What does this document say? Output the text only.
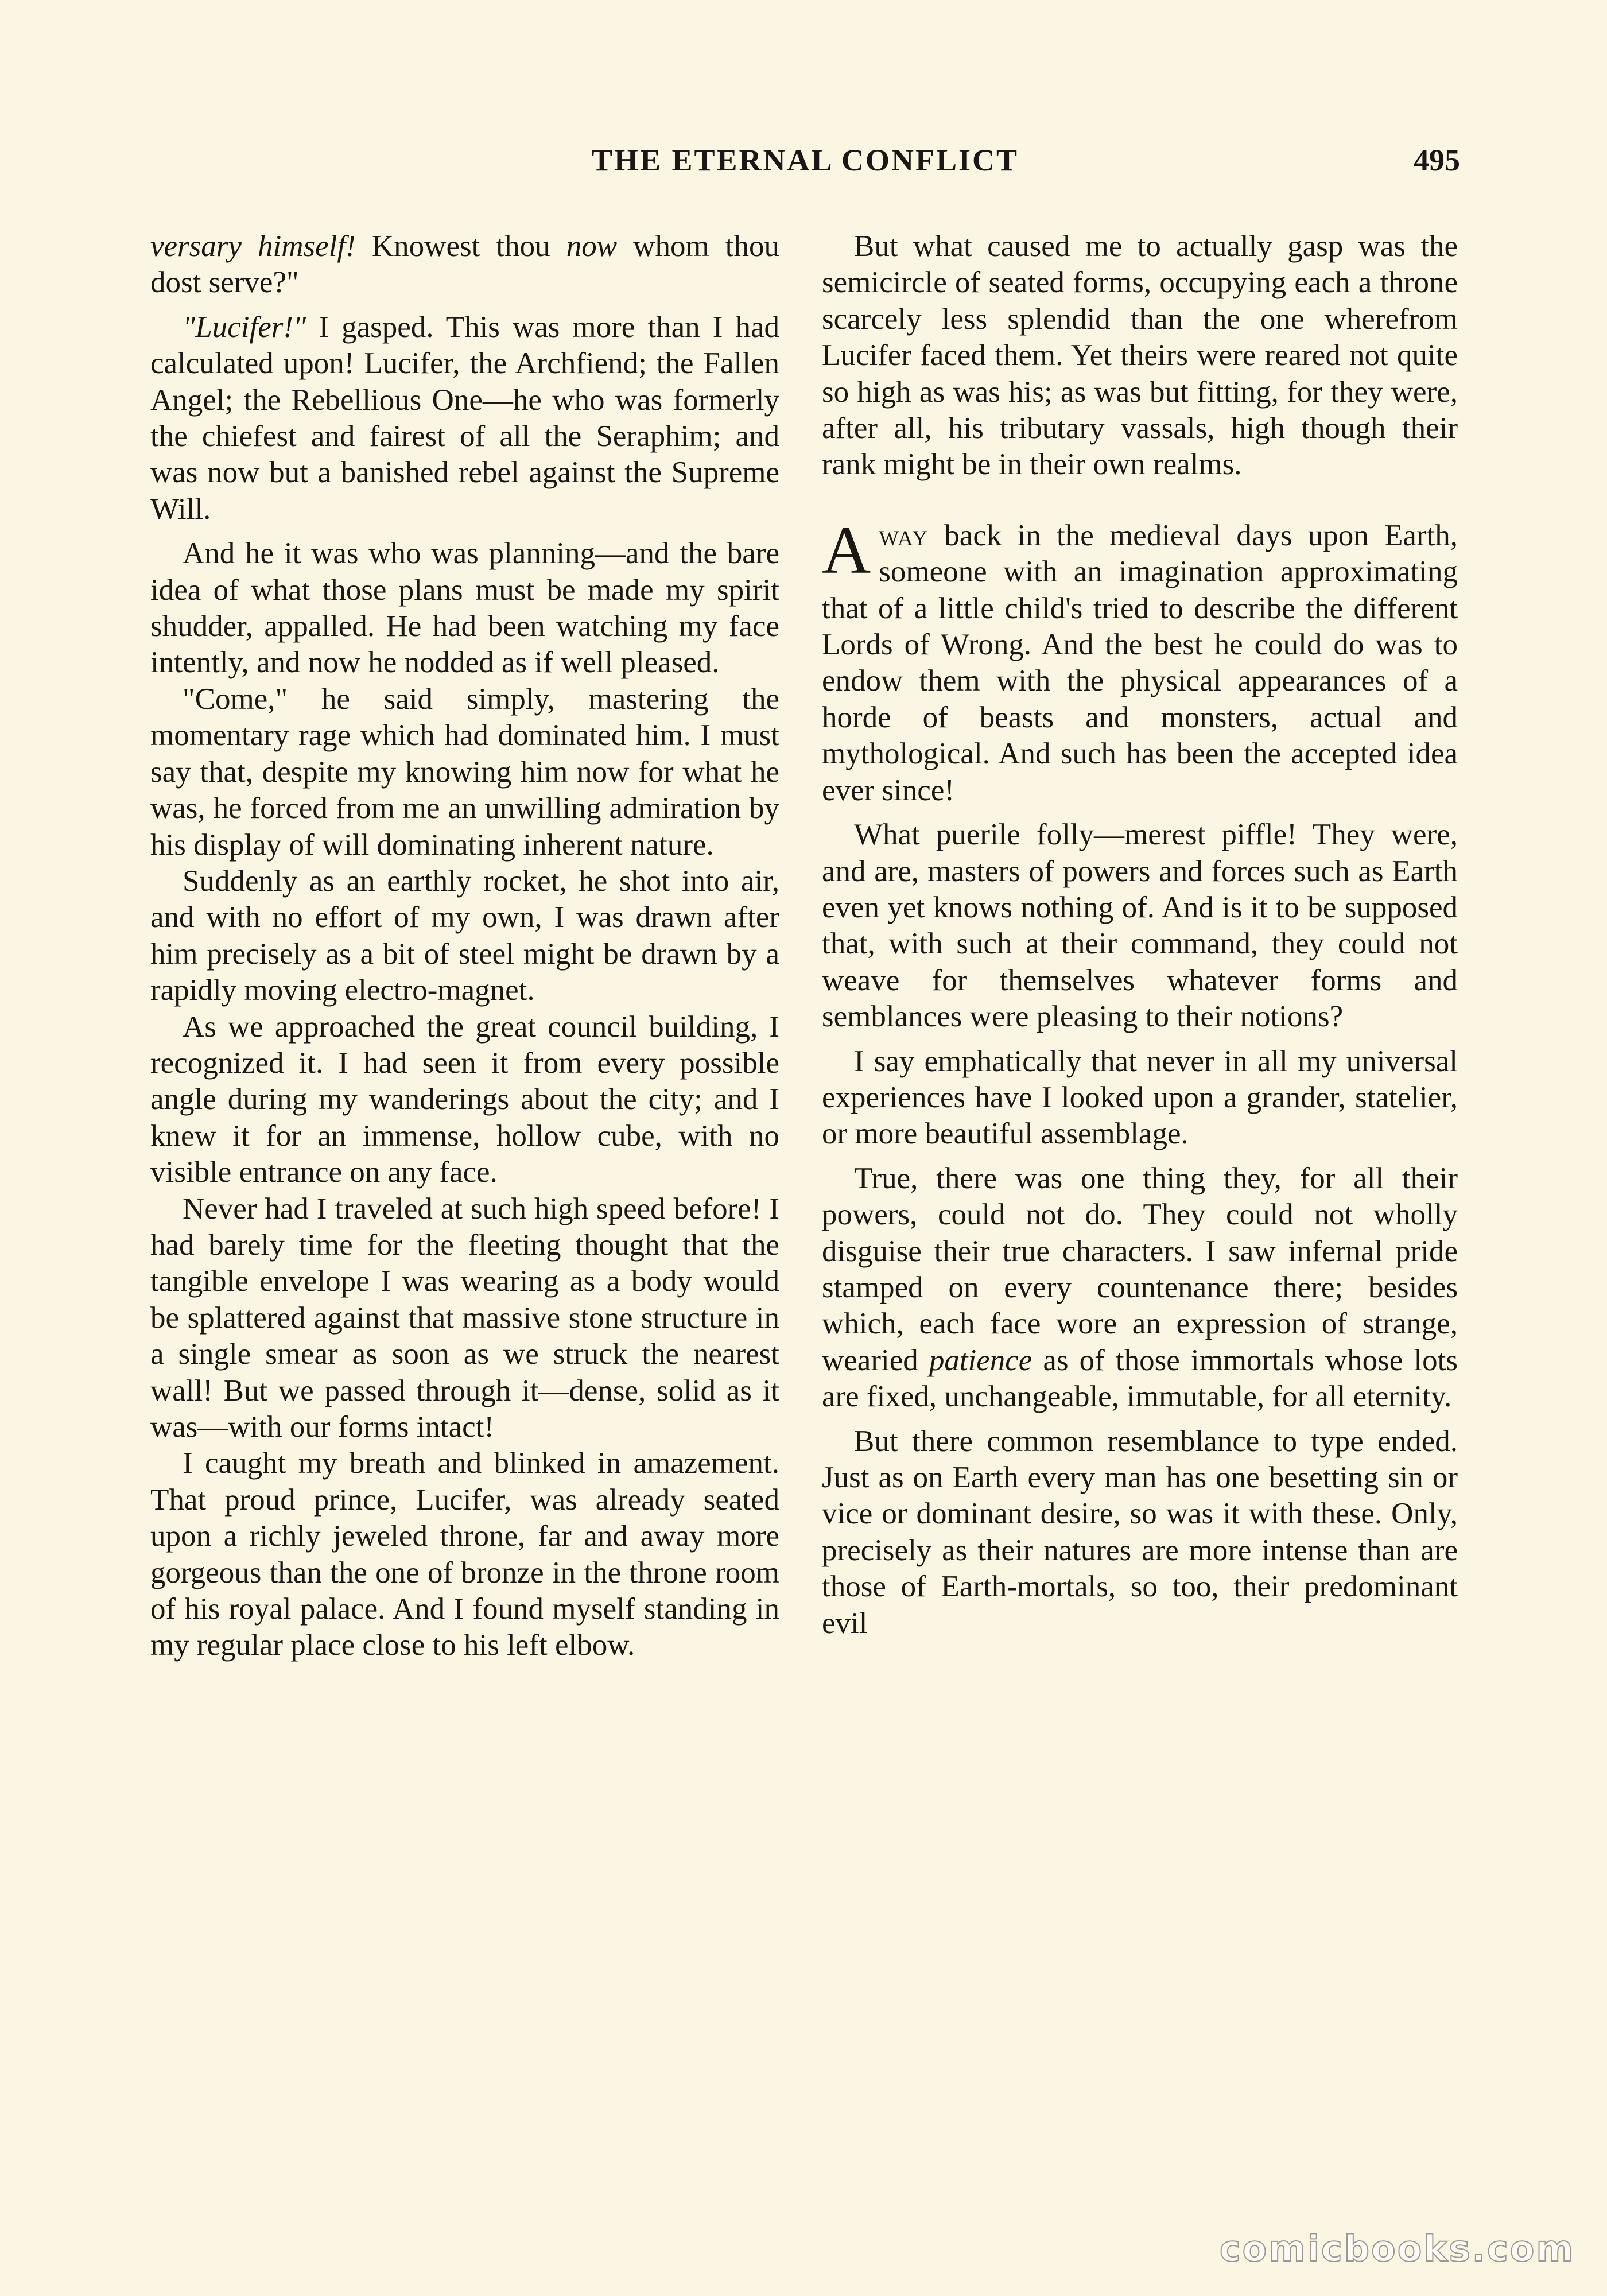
THE ETERNAL CONFLICT	495

versary himself! Knowest thou now whom thou dost serve?"

"Lucifer!" I gasped. This was more than I had calculated upon! Lucifer, the Archfiend; the Fallen Angel; the Rebellious One—he who was formerly the chiefest and fairest of all the Seraphim; and was now but a banished rebel against the Supreme Will.

And he it was who was planning—and the bare idea of what those plans must be made my spirit shudder, appalled. He had been watching my face intently, and now he nodded as if well pleased.

"Come," he said simply, mastering the momentary rage which had dominated him. I must say that, despite my knowing him now for what he was, he forced from me an unwilling admiration by his display of will dominating inherent nature.

Suddenly as an earthly rocket, he shot into air, and with no effort of my own, I was drawn after him precisely as a bit of steel might be drawn by a rapidly moving electro-magnet.

As we approached the great council building, I recognized it. I had seen it from every possible angle during my wanderings about the city; and I knew it for an immense, hollow cube, with no visible entrance on any face.

Never had I traveled at such high speed before! I had barely time for the fleeting thought that the tangible envelope I was wearing as a body would be splattered against that massive stone structure in a single smear as soon as we struck the nearest wall! But we passed through it—dense, solid as it was—with our forms intact!

I caught my breath and blinked in amazement. That proud prince, Lucifer, was already seated upon a richly jeweled throne, far and away more gorgeous than the one of bronze in the throne room of his royal palace. And I found myself standing in my regular place close to his left elbow.

But what caused me to actually gasp was the semicircle of seated forms, occupying each a throne scarcely less splendid than the one wherefrom Lucifer faced them. Yet theirs were reared not quite so high as was his; as was but fitting, for they were, after all, his tributary vassals, high though their rank might be in their own realms.

Away back in the medieval days upon Earth, someone with an imagination approximating that of a little child's tried to describe the different Lords of Wrong. And the best he could do was to endow them with the physical appearances of a horde of beasts and monsters, actual and mythological. And such has been the accepted idea ever since!

What puerile folly—merest piffle! They were, and are, masters of powers and forces such as Earth even yet knows nothing of. And is it to be supposed that, with such at their command, they could not weave for themselves whatever forms and semblances were pleasing to their notions?

I say emphatically that never in all my universal experiences have I looked upon a grander, statelier, or more beautiful assemblage.

True, there was one thing they, for all their powers, could not do. They could not wholly disguise their true characters. I saw infernal pride stamped on every countenance there; besides which, each face wore an expression of strange, wearied patience as of those immortals whose lots are fixed, unchangeable, immutable, for all eternity.

But there common resemblance to type ended. Just as on Earth every man has one besetting sin or vice or dominant desire, so was it with these. Only, precisely as their natures are more intense than are those of Earth-mortals, so too, their predominant evil

comicbooks.com
